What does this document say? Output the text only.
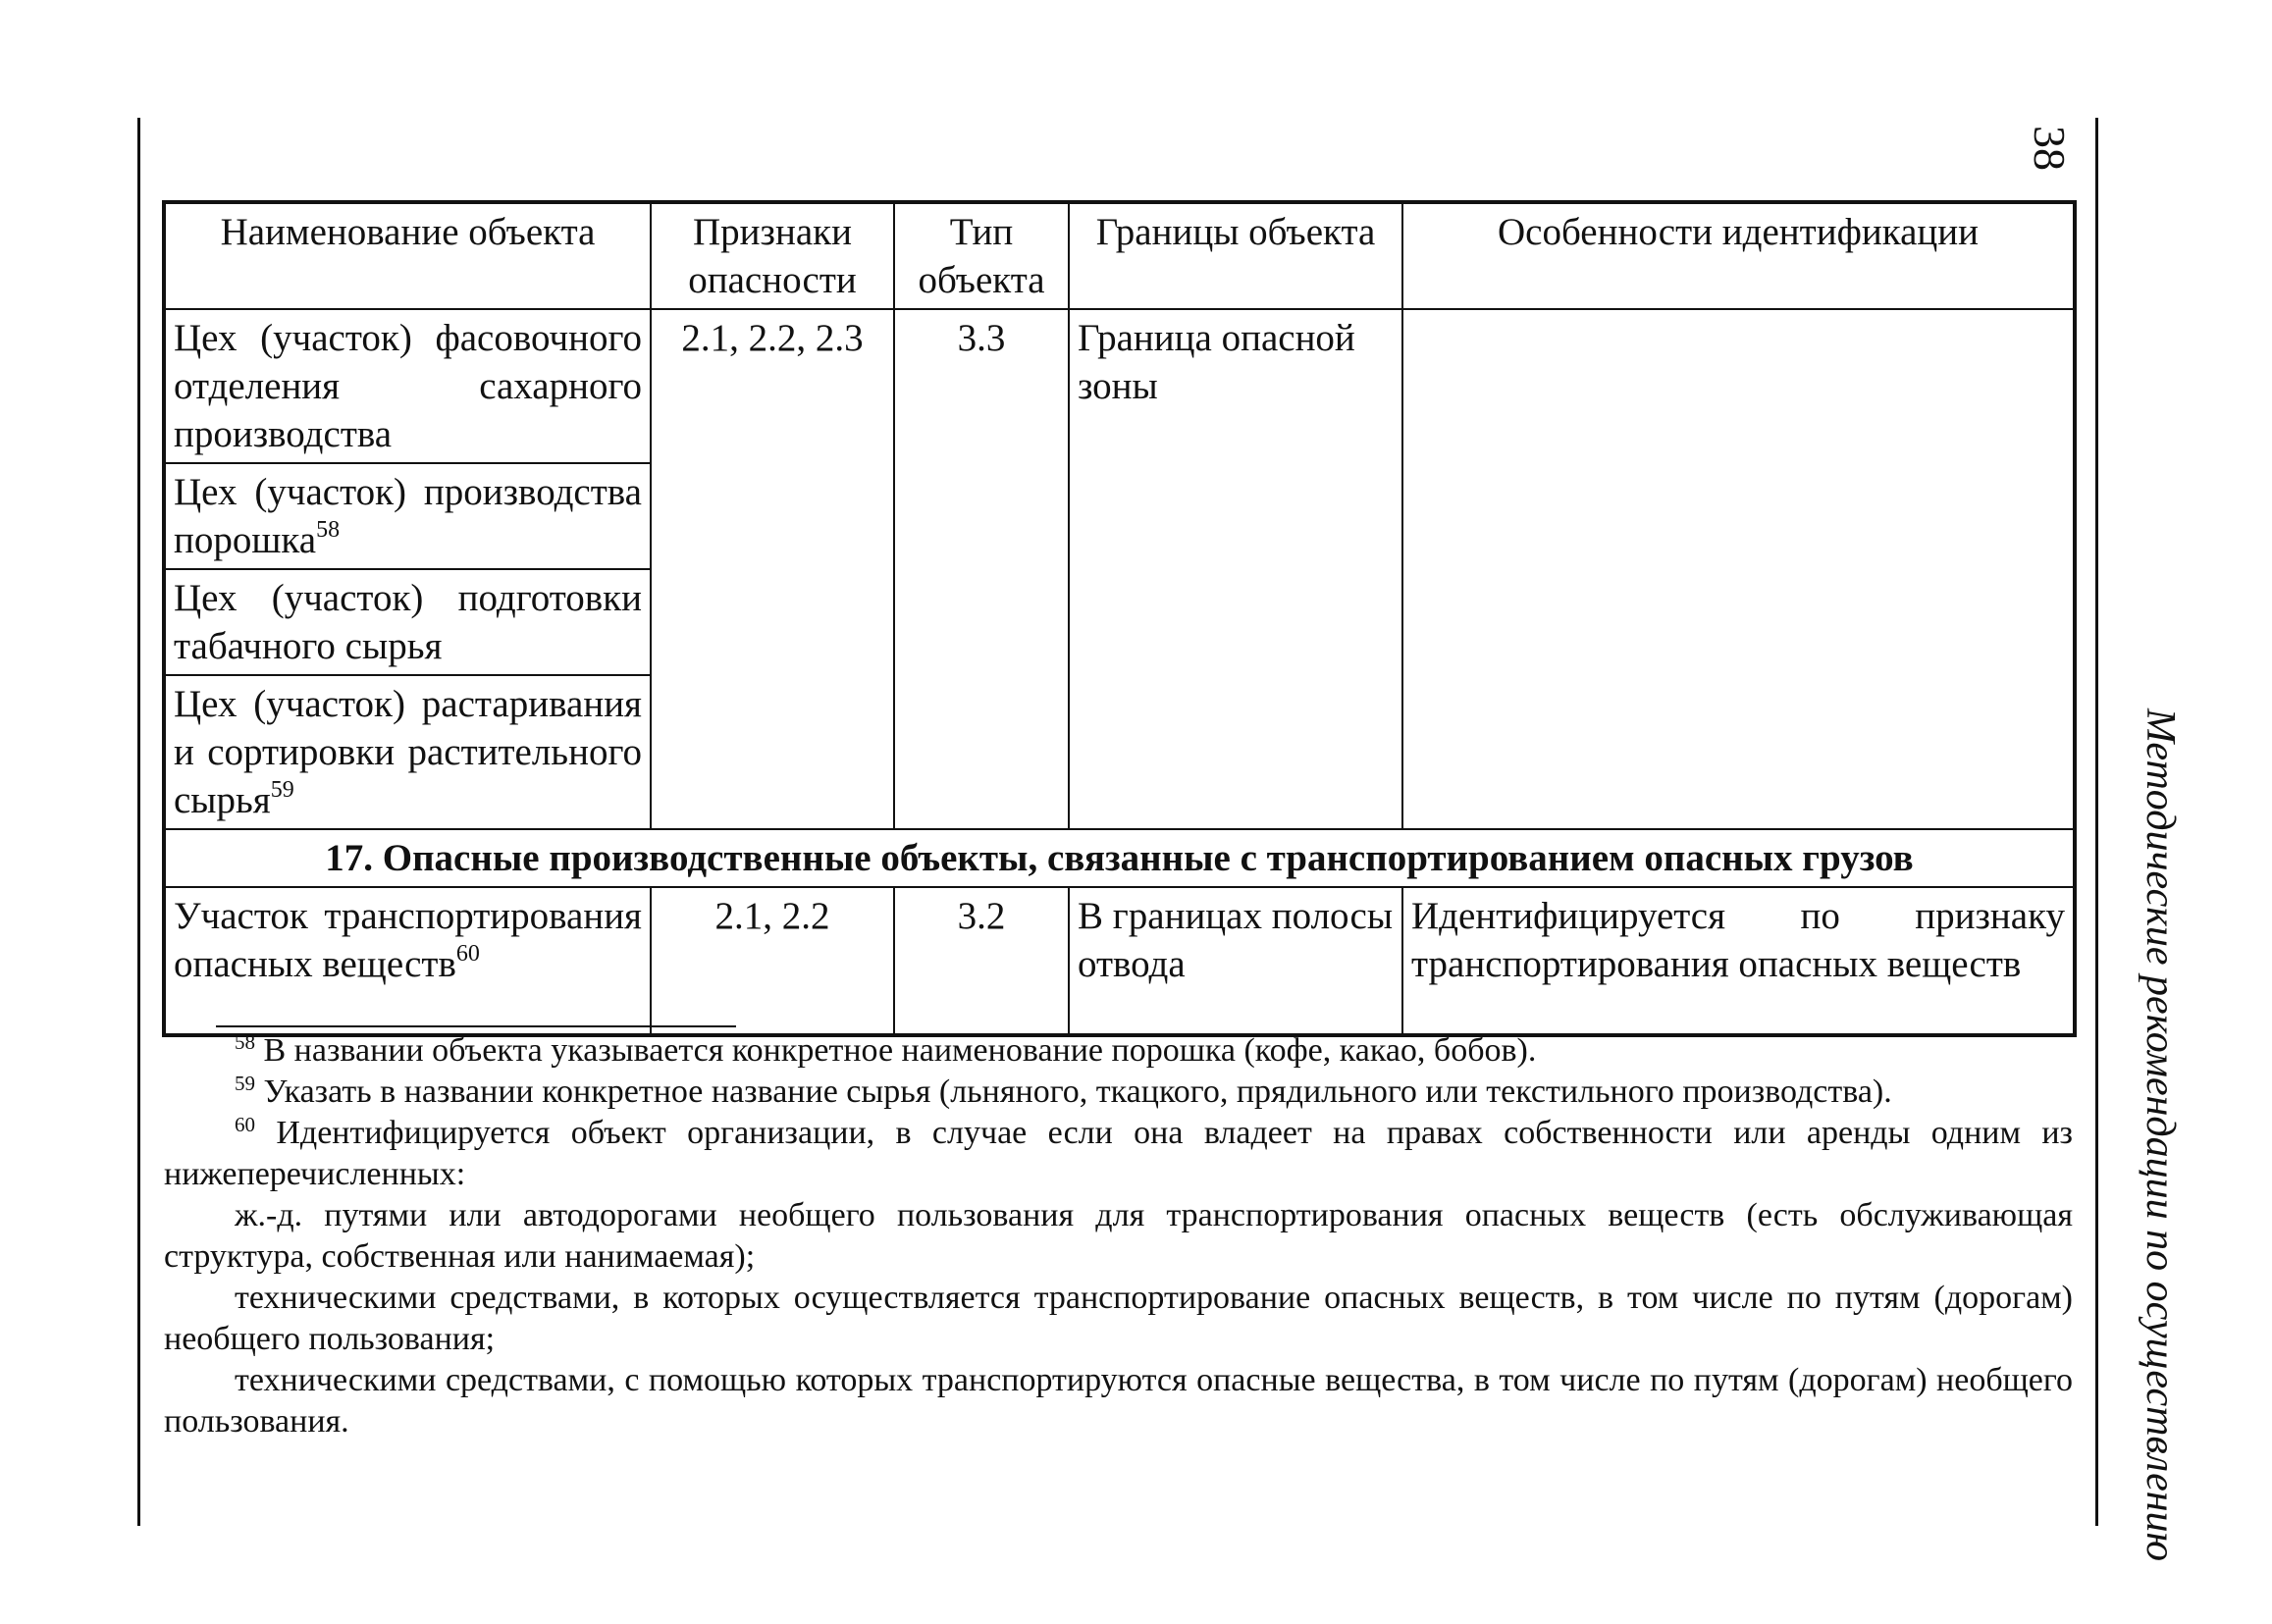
38
Методические рекомендации по осуществлению
Наименование объекта	Признаки опасности	Тип объекта	Границы объекта	Особенности идентификации
Цех (участок) фасовочного отделения сахарного производства	2.1, 2.2, 2.3	3.3	Граница опасной зоны	
Цех (участок) производства порошка$^{58}$
Цех (участок) подготовки табачного сырья				
Цех (участок) растаривания и сортировки растительного сырья$^{59}$
17. Опасные производственные объекты, связанные с транспортированием опасных грузов				
Участок транспортирования опасных веществ$^{60}$	2.1, 2.2	3.2	В границах полосы отвода	Идентифицируется по признаку транспортирования опасных веществ

$^{58}$ В названии объекта указывается конкретное наименование порошка (кофе, какао, бобов).

$^{59}$ Указать в названии конкретное название сырья (льняного, ткацкого, прядильного или текстильного производства).

$^{60}$ Идентифицируется объект организации, в случае если она владеет на правах собственности или аренды одним из нижеперечисленных:

ж.-д. путями или автодорогами необщего пользования для транспортирования опасных веществ (есть обслуживающая структура, собственная или нанимаемая);

техническими средствами, в которых осуществляется транспортирование опасных веществ, в том числе по путям (дорогам) необщего пользования;

техническими средствами, с помощью которых транспортируются опасные вещества, в том числе по путям (дорогам) необщего пользования.
